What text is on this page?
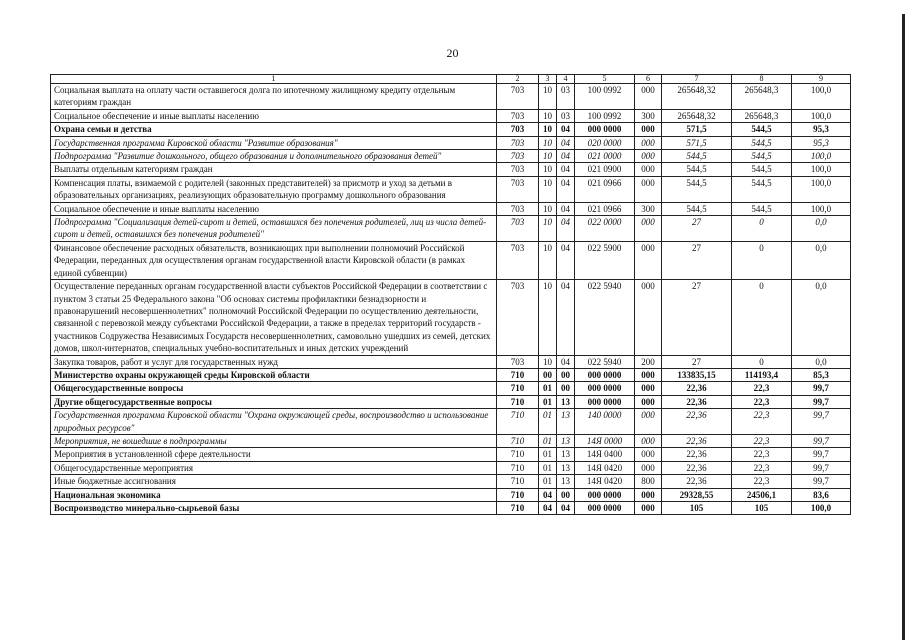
20
1	2	3	4	5	6	7	8	9
Социальная выплата на оплату части оставшегося долга по ипотечному жилищному кредиту отдельным категориям граждан	703	10	03	100 0992	000	265648,32	265648,3	100,0
Социальное обеспечение и иные выплаты населению	703	10	03	100 0992	300	265648,32	265648,3	100,0
Охрана семьи и детства	703	10	04	000 0000	000	571,5	544,5	95,3
Государственная программа Кировской области "Развитие образования"	703	10	04	020 0000	000	571,5	544,5	95,3
Подпрограмма "Развитие дошкольного, общего образования и дополнительного образования детей"	703	10	04	021 0000	000	544,5	544,5	100,0
Выплаты отдельным категориям граждан	703	10	04	021 0900	000	544,5	544,5	100,0
Компенсация платы, взимаемой с родителей (законных представителей) за присмотр и уход за детьми в образовательных организациях, реализующих образовательную программу дошкольного образования	703	10	04	021 0966	000	544,5	544,5	100,0
Социальное обеспечение и иные выплаты населению	703	10	04	021 0966	300	544,5	544,5	100,0
Подпрограмма "Социализация детей-сирот и детей, оставшихся без попечения родителей, лиц из числа детей-сирот и детей, оставшихся без попечения родителей"	703	10	04	022 0000	000	27	0	0,0
Финансовое обеспечение расходных обязательств, возникающих при выполнении полномочий Российской Федерации, переданных для осуществления органам государственной власти Кировской области (в рамках единой субвенции)	703	10	04	022 5900	000	27	0	0,0
Осуществление переданных органам государственной власти субъектов Российской Федерации в соответствии с пунктом 3 статьи 25 Федерального закона "Об основах системы профилактики безнадзорности и правонарушений несовершеннолетних" полномочий Российской Федерации по осуществлению деятельности, связанной с перевозкой между субъектами Российской Федерации, а также в пределах территорий государств - участников Содружества Независимых Государств несовершеннолетних, самовольно ушедших из семей, детских домов, школ-интернатов, специальных учебно-воспитательных и иных детских учреждений	703	10	04	022 5940	000	27	0	0,0
Закупка товаров, работ и услуг для государственных нужд	703	10	04	022 5940	200	27	0	0,0
Министерство охраны окружающей среды Кировской области	710	00	00	000 0000	000	133835,15	114193,4	85,3
Общегосударственные вопросы	710	01	00	000 0000	000	22,36	22,3	99,7
Другие общегосударственные вопросы	710	01	13	000 0000	000	22,36	22,3	99,7
Государственная программа Кировской области "Охрана окружающей среды, воспроизводство и использование природных ресурсов"	710	01	13	140 0000	000	22,36	22,3	99,7
Мероприятия, не вошедшие в подпрограммы	710	01	13	14Я 0000	000	22,36	22,3	99,7
Мероприятия в установленной сфере деятельности	710	01	13	14Я 0400	000	22,36	22,3	99,7
Общегосударственные мероприятия	710	01	13	14Я 0420	000	22,36	22,3	99,7
Иные бюджетные ассигнования	710	01	13	14Я 0420	800	22,36	22,3	99,7
Национальная экономика	710	04	00	000 0000	000	29328,55	24506,1	83,6
Воспроизводство минерально-сырьевой базы	710	04	04	000 0000	000	105	105	100,0
